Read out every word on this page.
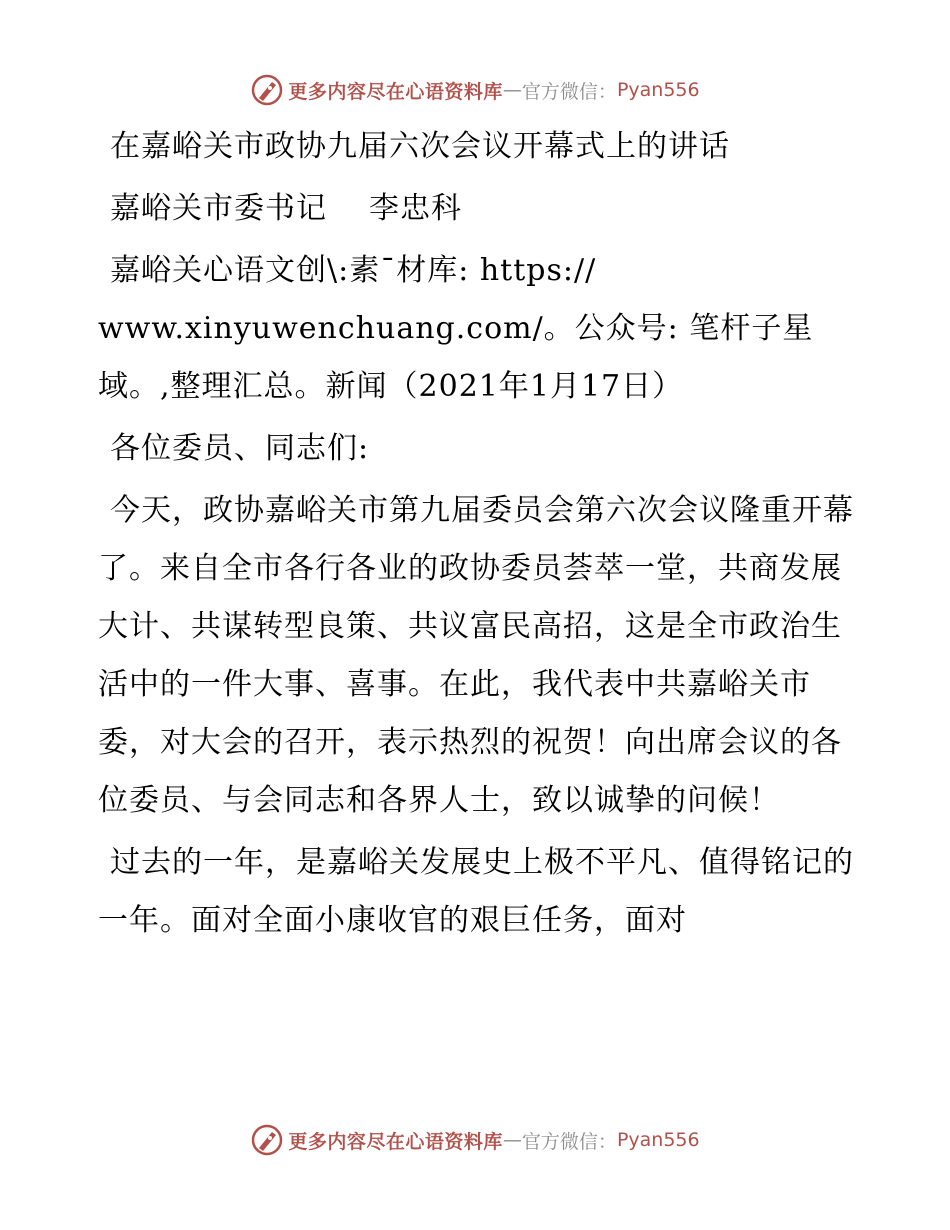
更多内容尽在心语资料库 — 官方微信： Pyan556

在嘉峪关市政协九届六次会议开幕式上的讲话

嘉峪关市委书记 李忠科

嘉峪关心语文创\:素¯材库: https:// www.xinyuwenchuang.com/。公众号: 笔杆子星域。,整理汇总。新闻（2021年1月17日）

各位委员、同志们:

今天，政协嘉峪关市第九届委员会第六次会议隆重开幕了。来自全市各行各业的政协委员荟萃一堂，共商发展大计、共谋转型良策、共议富民高招，这是全市政治生活中的一件大事、喜事。在此，我代表中共嘉峪关市委，对大会的召开，表示热烈的祝贺！向出席会议的各位委员、与会同志和各界人士，致以诚挚的问候！

过去的一年，是嘉峪关发展史上极不平凡、值得铭记的一年。面对全面小康收官的艰巨任务，面对

更多内容尽在心语资料库 — 官方微信： Pyan556
